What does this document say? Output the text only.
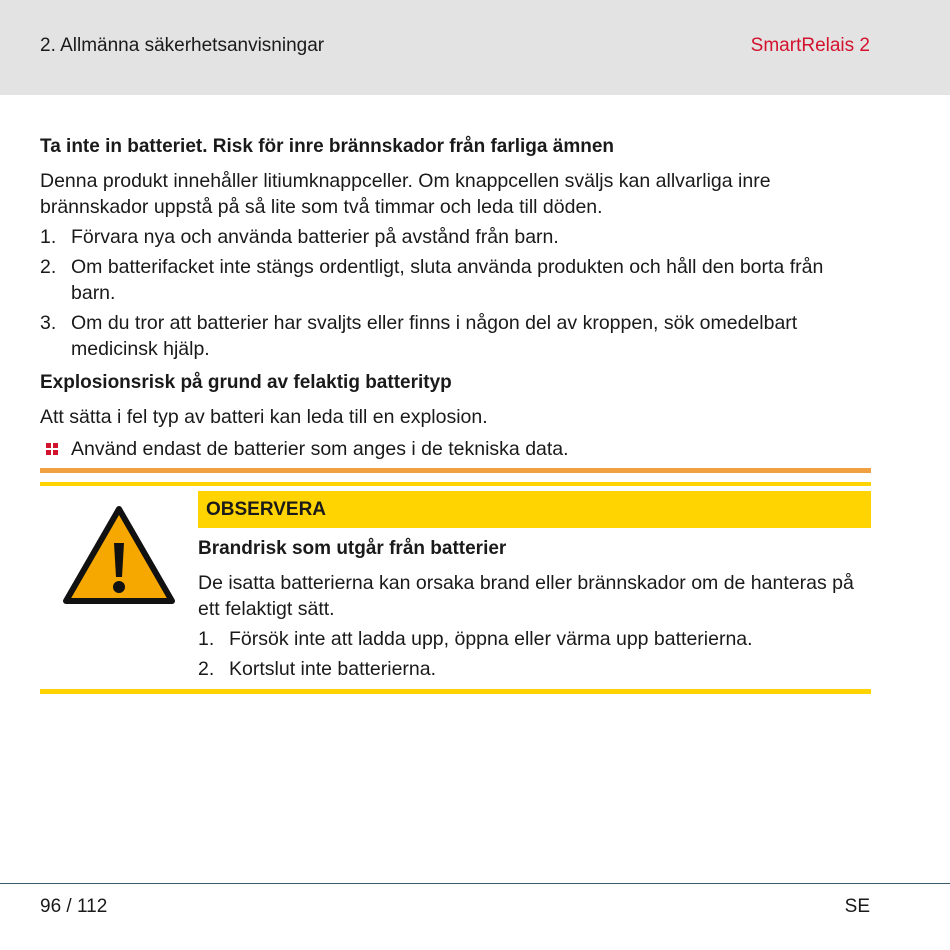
2. Allmänna säkerhetsanvisningar	SmartRelais 2

Ta inte in batteriet. Risk för inre brännskador från farliga ämnen

Denna produkt innehåller litiumknappceller. Om knappcellen sväljs kan allvarliga inre brännskador uppstå på så lite som två timmar och leda till döden.

1. Förvara nya och använda batterier på avstånd från barn.
2. Om batterifacket inte stängs ordentligt, sluta använda produkten och håll den borta från barn.
3. Om du tror att batterier har svaljts eller finns i någon del av kroppen, sök omedelbart medicinsk hjälp.

Explosionsrisk på grund av felaktig batterityp

Att sätta i fel typ av batteri kan leda till en explosion.

Använd endast de batterier som anges i de tekniska data.
OBSERVERA

Brandrisk som utgår från batterier

De isatta batterierna kan orsaka brand eller brännskador om de hanteras på ett felaktigt sätt.

1. Försök inte att ladda upp, öppna eller värma upp batterierna.
2. Kortslut inte batterierna.
96 / 112	SE
